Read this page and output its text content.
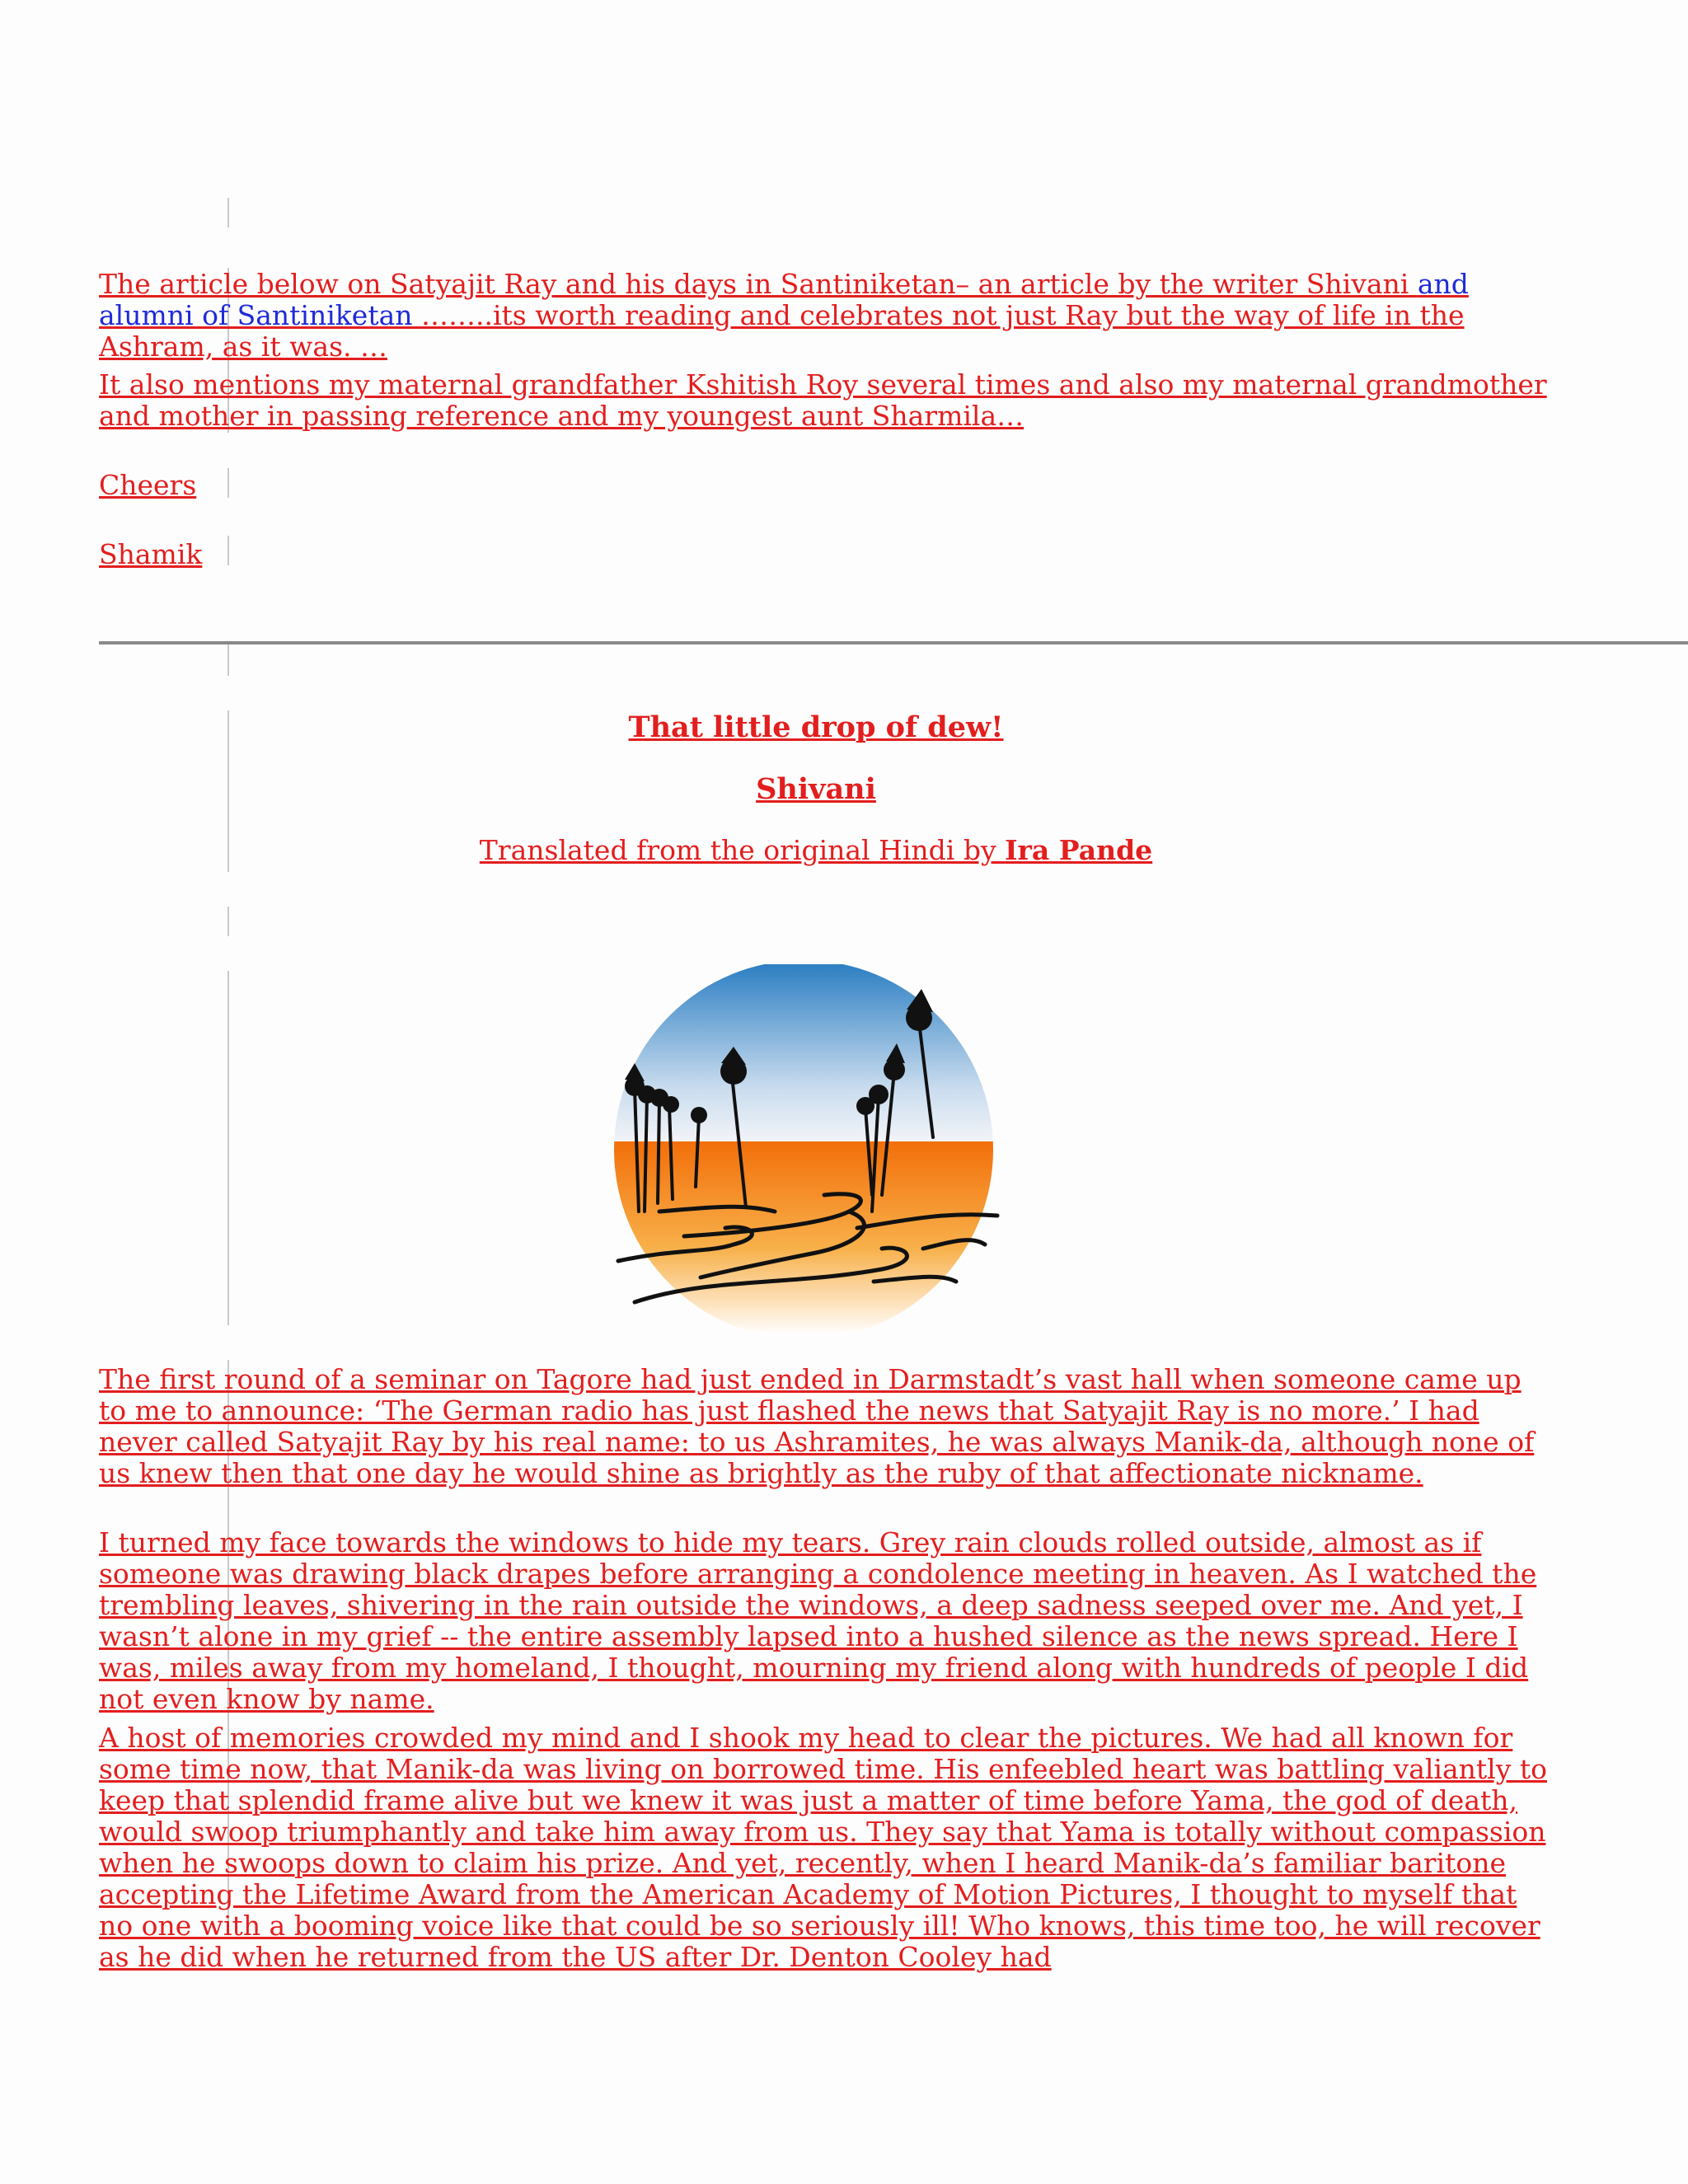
The article below on Satyajit Ray and his days in Santiniketan– an article by the writer Shivani and alumni of Santiniketan ……..its worth reading and celebrates not just Ray but the way of life in the Ashram, as it was. …

It also mentions my maternal grandfather Kshitish Roy several times and also my maternal grandmother and mother in passing reference and my youngest aunt Sharmila…

Cheers

Shamik

That little drop of dew!
Shivani
Translated from the original Hindi by Ira Pande

The first round of a seminar on Tagore had just ended in Darmstadt’s vast hall when someone came up to me to announce: ‘The German radio has just flashed the news that Satyajit Ray is no more.’ I had never called Satyajit Ray by his real name: to us Ashramites, he was always Manik-da, although none of us knew then that one day he would shine as brightly as the ruby of that affectionate nickname.

I turned my face towards the windows to hide my tears. Grey rain clouds rolled outside, almost as if someone was drawing black drapes before arranging a condolence meeting in heaven. As I watched the trembling leaves, shivering in the rain outside the windows, a deep sadness seeped over me. And yet, I wasn’t alone in my grief -- the entire assembly lapsed into a hushed silence as the news spread. Here I was, miles away from my homeland, I thought, mourning my friend along with hundreds of people I did not even know by name.

A host of memories crowded my mind and I shook my head to clear the pictures. We had all known for some time now, that Manik-da was living on borrowed time. His enfeebled heart was battling valiantly to keep that splendid frame alive but we knew it was just a matter of time before Yama, the god of death, would swoop triumphantly and take him away from us. They say that Yama is totally without compassion when he swoops down to claim his prize. And yet, recently, when I heard Manik-da’s familiar baritone accepting the Lifetime Award from the American Academy of Motion Pictures, I thought to myself that no one with a booming voice like that could be so seriously ill! Who knows, this time too, he will recover as he did when he returned from the US after Dr. Denton Cooley had
